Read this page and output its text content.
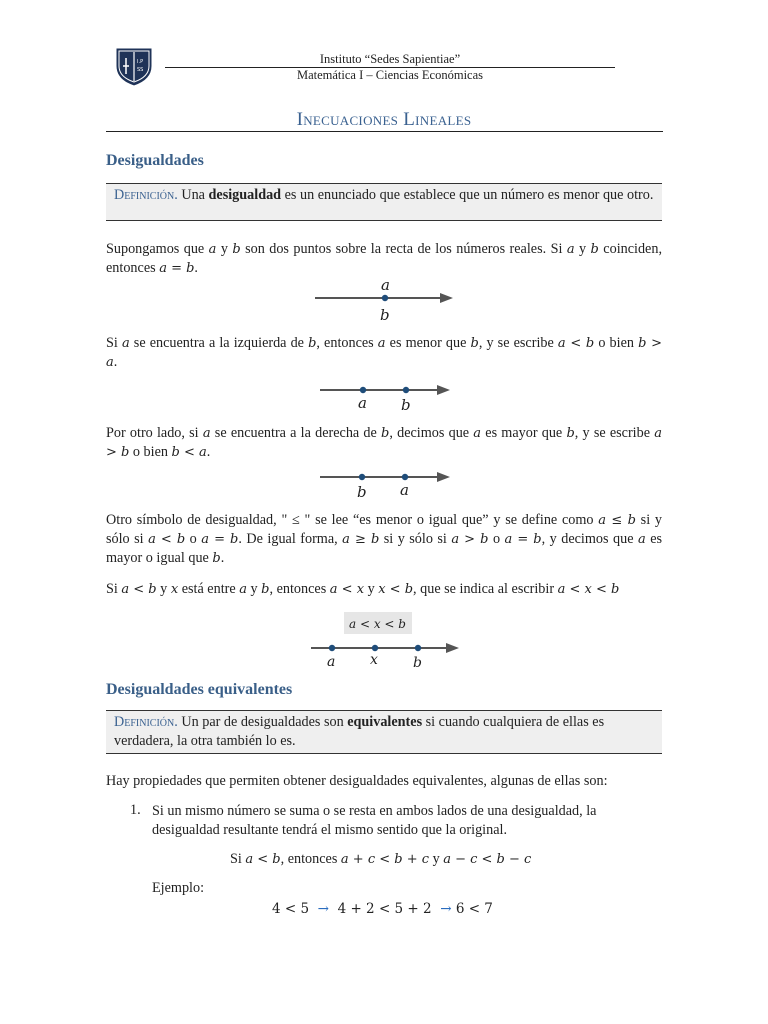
I.P
SS
Instituto “Sedes Sapientiae”
Matemática I – Ciencias Económicas
Inecuaciones Lineales
Desigualdades
Definición. Una desigualdad es un enunciado que establece que un número es menor que otro.
Supongamos que a y b son dos puntos sobre la recta de los números reales. Si a y b coinciden, entonces a = b.
a
b
Si a se encuentra a la izquierda de b, entonces a es menor que b, y se escribe a < b o bien b > a.
a b
Por otro lado, si a se encuentra a la derecha de b, decimos que a es mayor que b, y se escribe a > b o bien b < a.
b a
Otro símbolo de desigualdad, " ≤ " se lee “es menor o igual que” y se define como a ≤ b si y sólo si a < b o a = b. De igual forma, a ≥ b si y sólo si a > b o a = b, y decimos que a es mayor o igual que b.
Si a < b y x está entre a y b, entonces a < x y x < b, que se indica al escribir a < x < b
a < x < b
a x	b
Desigualdades equivalentes
Definición. Un par de desigualdades son equivalentes si cuando cualquiera de ellas es verdadera, la otra también lo es.
Hay propiedades que permiten obtener desigualdades equivalentes, algunas de ellas son:
1. Si un mismo número se suma o se resta en ambos lados de una desigualdad, la desigualdad resultante tendrá el mismo sentido que la original.
Si a < b, entonces a + c < b + c y a − c < b − c
Ejemplo:
4 < 5 → 4 + 2 < 5 + 2 → 6 < 7
